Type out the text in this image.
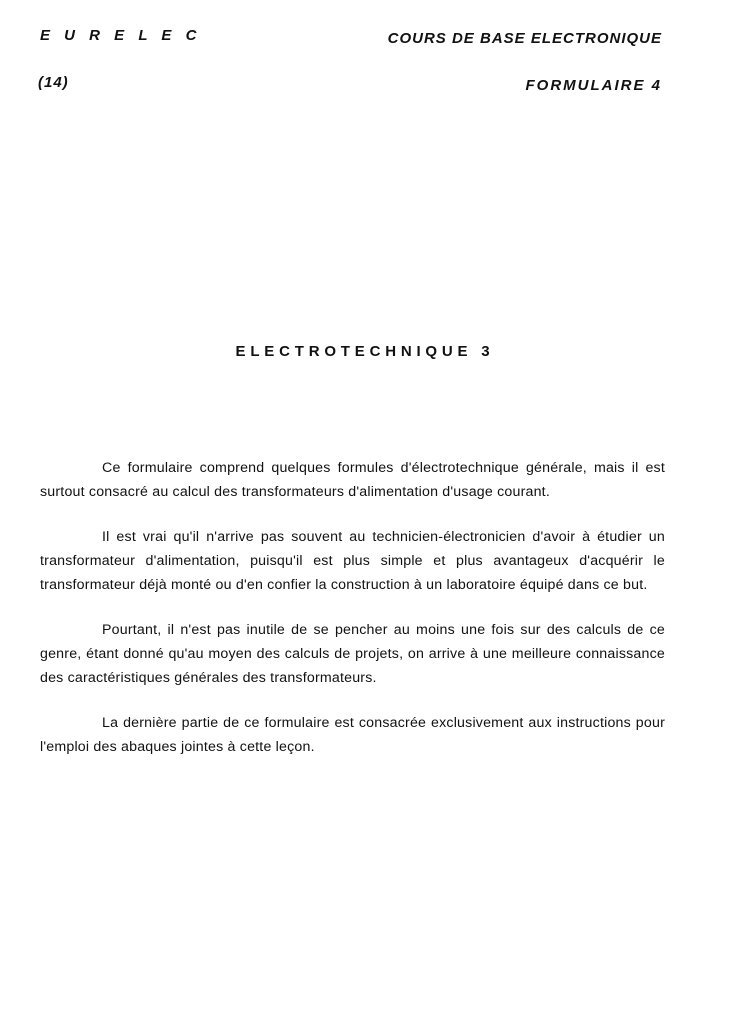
E U R E L E C	COURS DE BASE ELECTRONIQUE
(14)	FORMULAIRE 4
ELECTROTECHNIQUE 3

Ce formulaire comprend quelques formules d'électrotechnique générale, mais il est surtout consacré au calcul des transformateurs d'alimentation d'usage courant.

Il est vrai qu'il n'arrive pas souvent au technicien-électronicien d'avoir à étudier un transformateur d'alimentation, puisqu'il est plus simple et plus avantageux d'acquérir le transformateur déjà monté ou d'en confier la construction à un laboratoire équipé dans ce but.

Pourtant, il n'est pas inutile de se pencher au moins une fois sur des calculs de ce genre, étant donné qu'au moyen des calculs de projets, on arrive à une meilleure connaissance des caractéristiques générales des transformateurs.

La dernière partie de ce formulaire est consacrée exclusivement aux instructions pour l'emploi des abaques jointes à cette leçon.
